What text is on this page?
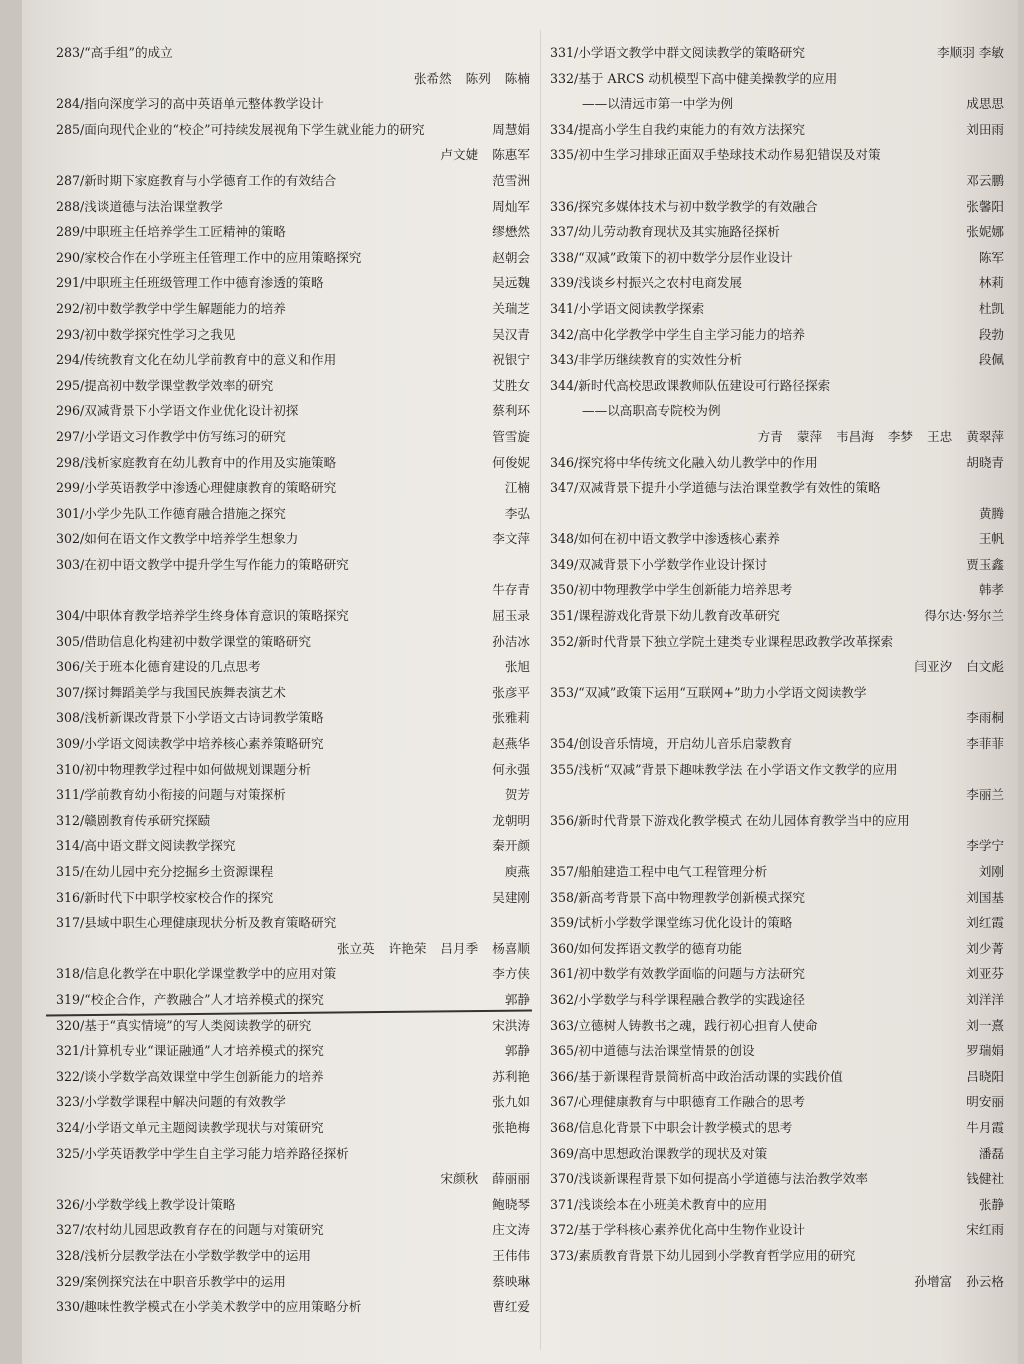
283 / “高手组”的成立
张希然 陈列 陈楠
284 / 指向深度学习的高中英语单元整体教学设计
285 / 面向现代企业的“校企”可持续发展视角下学生就业能力的研究	周慧娟
卢文婕 陈惠军
287 / 新时期下家庭教育与小学德育工作的有效结合	范雪洲
288 / 浅谈道德与法治课堂教学	周灿军
289 / 中职班主任培养学生工匠精神的策略	缪懋然
290 / 家校合作在小学班主任管理工作中的应用策略探究	赵朝会
291 / 中职班主任班级管理工作中德育渗透的策略	吴远魏
292 / 初中数学教学中学生解题能力的培养	关瑞芝
293 / 初中数学探究性学习之我见	吴汉青
294 / 传统教育文化在幼儿学前教育中的意义和作用	祝银宁
295 / 提高初中数学课堂教学效率的研究	艾胜女
296 / 双减背景下小学语文作业优化设计初探	蔡利环
297 / 小学语文习作教学中仿写练习的研究	管雪旋
298 / 浅析家庭教育在幼儿教育中的作用及实施策略	何俊妮
299 / 小学英语教学中渗透心理健康教育的策略研究	江楠
301 / 小学少先队工作德育融合措施之探究	李弘
302 / 如何在语文作文教学中培养学生想象力	李文萍
303 / 在初中语文教学中提升学生写作能力的策略研究
牛存青
304 / 中职体育教学培养学生终身体育意识的策略探究	屈玉录
305 / 借助信息化构建初中数学课堂的策略研究	孙洁冰
306 / 关于班本化德育建设的几点思考	张旭
307 / 探讨舞蹈美学与我国民族舞表演艺术	张彦平
308 / 浅析新课改背景下小学语文古诗词教学策略	张雅莉
309 / 小学语文阅读教学中培养核心素养策略研究	赵燕华
310 / 初中物理教学过程中如何做规划课题分析	何永强
311 / 学前教育幼小衔接的问题与对策探析	贺芳
312 / 赣剧教育传承研究探赜	龙朝明
314 / 高中语文群文阅读教学探究	秦开颜
315 / 在幼儿园中充分挖掘乡土资源课程	庾燕
316 / 新时代下中职学校家校合作的探究	吴建刚
317 / 县域中职生心理健康现状分析及教育策略研究
张立英 许艳荣 吕月季 杨喜顺
318 / 信息化教学在中职化学课堂教学中的应用对策	李方侠
319 / “校企合作，产教融合”人才培养模式的探究	郭静
320 / 基于“真实情境”的写人类阅读教学的研究	宋洪涛
321 / 计算机专业“课证融通”人才培养模式的探究	郭静
322 / 谈小学数学高效课堂中学生创新能力的培养	苏利艳
323 / 小学数学课程中解决问题的有效教学	张九如
324 / 小学语文单元主题阅读教学现状与对策研究	张艳梅
325 / 小学英语教学中学生自主学习能力培养路径探析
宋颜秋 薛丽丽
326 / 小学数学线上教学设计策略	鲍晓琴
327 / 农村幼儿园思政教育存在的问题与对策研究	庄文涛
328 / 浅析分层教学法在小学数学教学中的运用	王伟伟
329 / 案例探究法在中职音乐教学中的运用	蔡映琳
330 / 趣味性教学模式在小学美术教学中的应用策略分析	曹红爱
331 / 小学语文教学中群文阅读教学的策略研究	李顺羽 李敏
332 / 基于 ARCS 动机模型下高中健美操教学的应用
——以清远市第一中学为例	成思思
334 / 提高小学生自我约束能力的有效方法探究	刘田雨
335 / 初中生学习排球正面双手垫球技术动作易犯错误及对策
邓云鹏
336 / 探究多媒体技术与初中数学教学的有效融合	张馨阳
337 / 幼儿劳动教育现状及其实施路径探析	张妮娜
338 / “双减”政策下的初中数学分层作业设计	陈军
339 / 浅谈乡村振兴之农村电商发展	林莉
341 / 小学语文阅读教学探索	杜凯
342 / 高中化学教学中学生自主学习能力的培养	段勃
343 / 非学历继续教育的实效性分析	段佩
344 / 新时代高校思政课教师队伍建设可行路径探索
——以高职高专院校为例
方青 蒙萍 韦昌海 李梦 王忠 黄翠萍
346 / 探究将中华传统文化融入幼儿教学中的作用	胡晓青
347 / 双减背景下提升小学道德与法治课堂教学有效性的策略
黄腾
348 / 如何在初中语文教学中渗透核心素养	王帆
349 / 双减背景下小学数学作业设计探讨	贾玉鑫
350 / 初中物理教学中学生创新能力培养思考	韩孝
351 / 课程游戏化背景下幼儿教育改革研究	得尔达·努尔兰
352 / 新时代背景下独立学院土建类专业课程思政教学改革探索
闫亚汐 白文彪
353 / “双减”政策下运用“互联网+”助力小学语文阅读教学
李雨桐
354 / 创设音乐情境，开启幼儿音乐启蒙教育	李菲菲
355 / 浅析“双减”背景下趣味教学法 在小学语文作文教学的应用
李丽兰
356 / 新时代背景下游戏化教学模式 在幼儿园体育教学当中的应用
李学宁
357 / 船舶建造工程中电气工程管理分析	刘刚
358 / 新高考背景下高中物理教学创新模式探究	刘国基
359 / 试析小学数学课堂练习优化设计的策略	刘红霞
360 / 如何发挥语文教学的德育功能	刘少菁
361 / 初中数学有效教学面临的问题与方法研究	刘亚芬
362 / 小学数学与科学课程融合教学的实践途径	刘洋洋
363 / 立德树人铸教书之魂，践行初心担育人使命	刘一熹
365 / 初中道德与法治课堂情景的创设	罗瑞娟
366 / 基于新课程背景简析高中政治活动课的实践价值	吕晓阳
367 / 心理健康教育与中职德育工作融合的思考	明安丽
368 / 信息化背景下中职会计教学模式的思考	牛月霞
369 / 高中思想政治课教学的现状及对策	潘磊
370 / 浅谈新课程背景下如何提高小学道德与法治教学效率	钱健社
371 / 浅谈绘本在小班美术教育中的应用	张静
372 / 基于学科核心素养优化高中生物作业设计	宋红雨
373 / 素质教育背景下幼儿园到小学教育哲学应用的研究
孙增富 孙云格
